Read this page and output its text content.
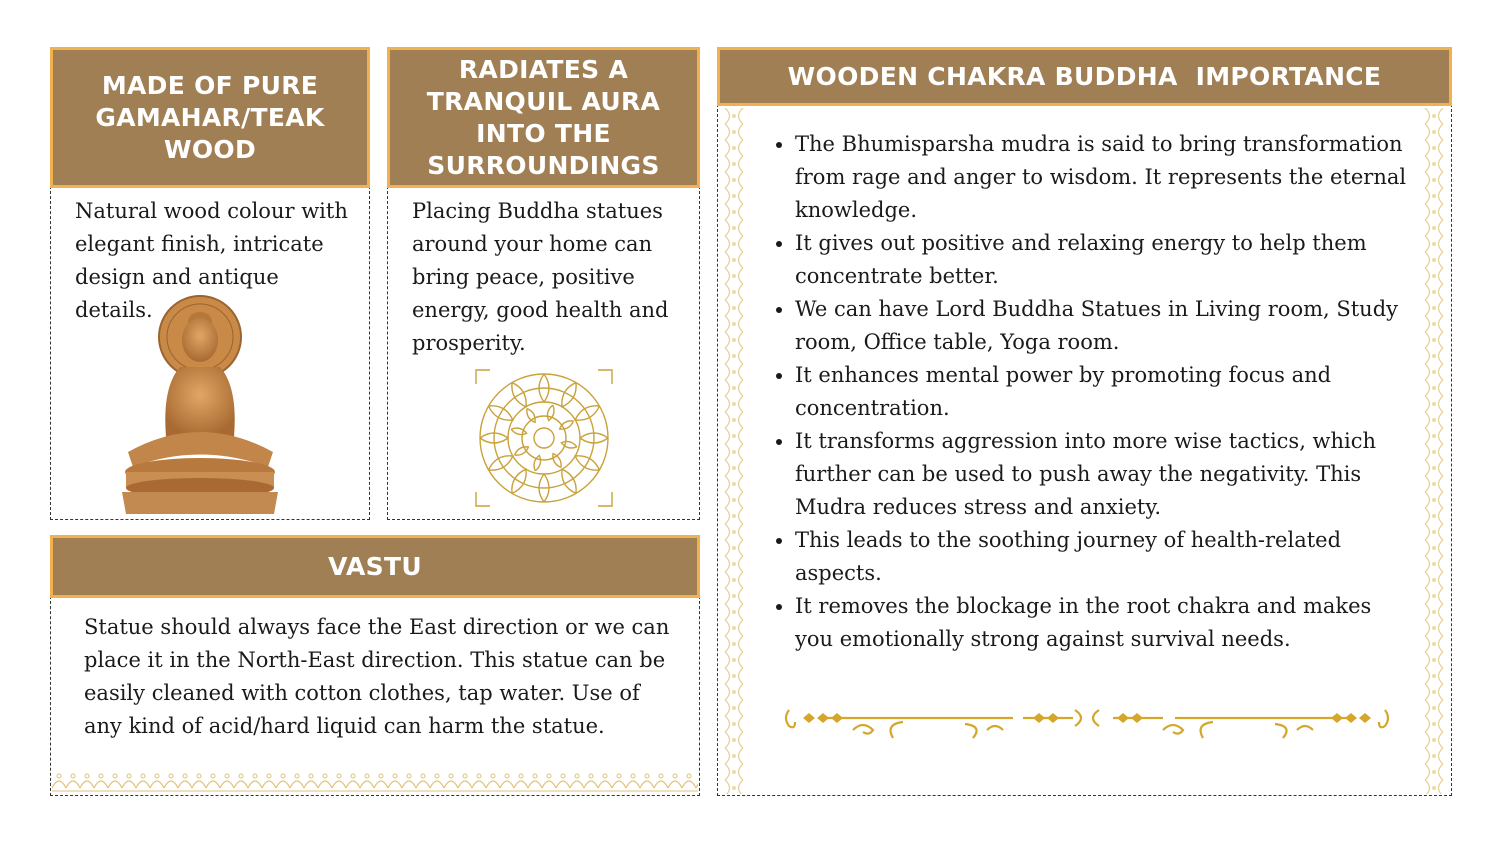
MADE OF PURE GAMAHAR/TEAK WOOD
Natural wood colour with elegant finish, intricate design and antique details.
RADIATES A TRANQUIL AURA INTO THE SURROUNDINGS
Placing Buddha statues around your home can bring peace, positive energy, good health and prosperity.
VASTU
Statue should always face the East direction or we can place it in the North-East direction. This statue can be easily cleaned with cotton clothes, tap water. Use of any kind of acid/hard liquid can harm the statue.
WOODEN CHAKRA BUDDHA  IMPORTANCE
• The Bhumisparsha mudra is said to bring transformation from rage and anger to wisdom. It represents the eternal knowledge.
• It gives out positive and relaxing energy to help them concentrate better.
• We can have Lord Buddha Statues in Living room, Study room, Office table, Yoga room.
• It enhances mental power by promoting focus and concentration.
• It transforms aggression into more wise tactics, which further can be used to push away the negativity. This Mudra reduces stress and anxiety.
• This leads to the soothing journey of health-related aspects.
• It removes the blockage in the root chakra and makes you emotionally strong against survival needs.
